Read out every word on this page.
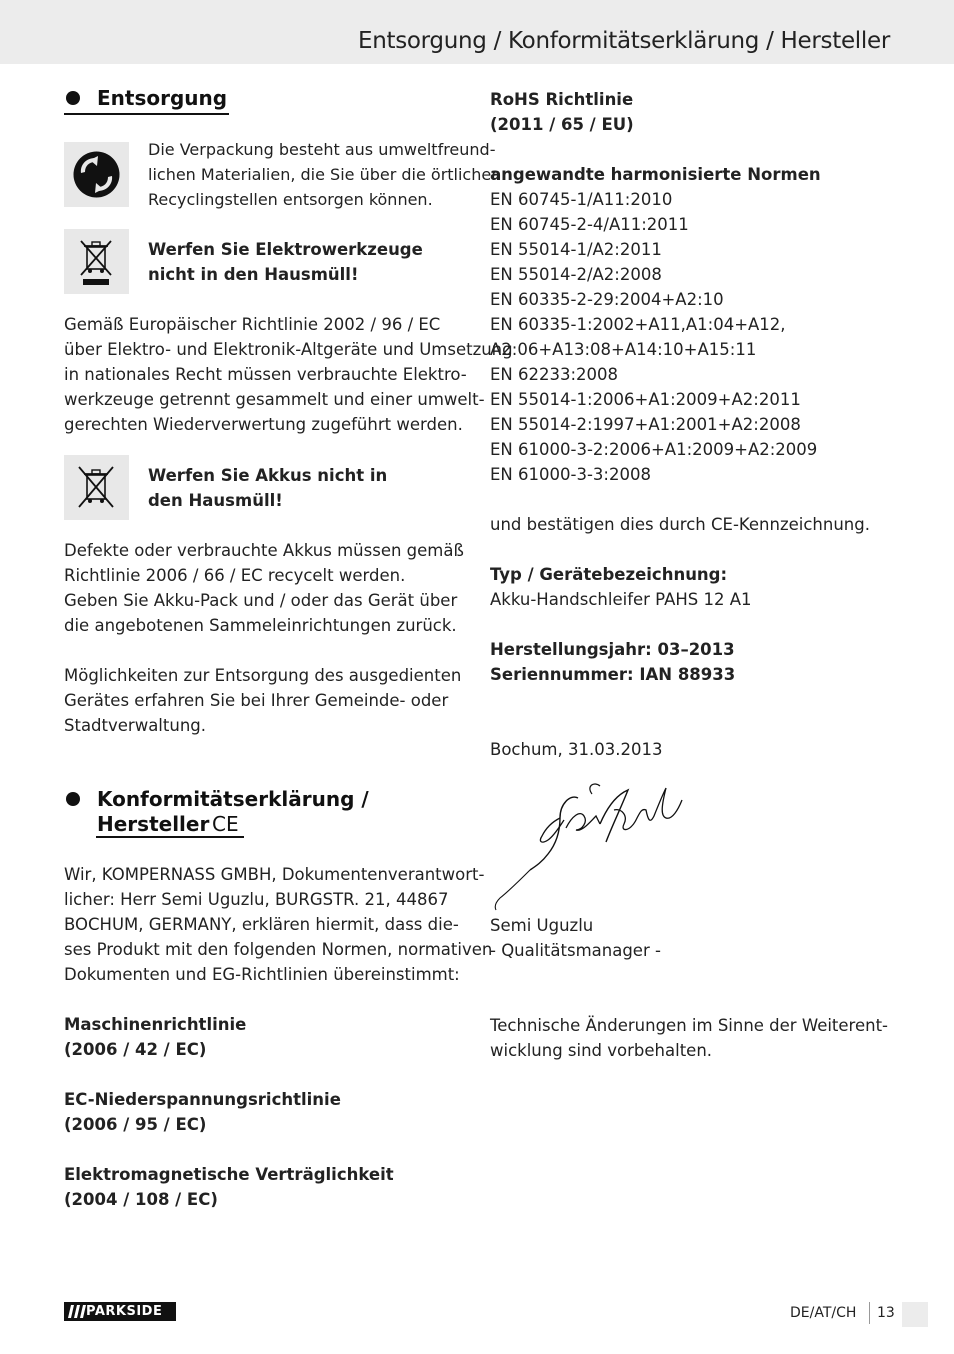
Entsorgung / Konformitätserklärung / Hersteller
Entsorgung
Die Verpackung besteht aus umweltfreund-
lichen Materialien, die Sie über die örtlichen
Recyclingstellen entsorgen können.
Werfen Sie Elektrowerkzeuge
nicht in den Hausmüll!
Gemäß Europäischer Richtlinie 2002 / 96 / EC
über Elektro- und Elektronik-Altgeräte und Umsetzung
in nationales Recht müssen verbrauchte Elektro-
werkzeuge getrennt gesammelt und einer umwelt-
gerechten Wiederverwertung zugeführt werden.
Werfen Sie Akkus nicht in
den Hausmüll!
Defekte oder verbrauchte Akkus müssen gemäß
Richtlinie 2006 / 66 / EC recycelt werden.
Geben Sie Akku-Pack und / oder das Gerät über
die angebotenen Sammeleinrichtungen zurück.
Möglichkeiten zur Entsorgung des ausgedienten
Gerätes erfahren Sie bei Ihrer Gemeinde- oder
Stadtverwaltung.
Konformitätserklärung /
Hersteller CE
Wir, KOMPERNASS GMBH, Dokumentenverantwort-
licher: Herr Semi Uguzlu, BURGSTR. 21, 44867
BOCHUM, GERMANY, erklären hiermit, dass die-
ses Produkt mit den folgenden Normen, normativen
Dokumenten und EG-Richtlinien übereinstimmt:
Maschinenrichtlinie
(2006 / 42 / EC)
EC-Niederspannungsrichtlinie
(2006 / 95 / EC)
Elektromagnetische Verträglichkeit
(2004 / 108 / EC)
RoHS Richtlinie
(2011 / 65 / EU)
angewandte harmonisierte Normen
EN 60745-1/A11:2010
EN 60745-2-4/A11:2011
EN 55014-1/A2:2011
EN 55014-2/A2:2008
EN 60335-2-29:2004+A2:10
EN 60335-1:2002+A11,A1:04+A12,
A2:06+A13:08+A14:10+A15:11
EN 62233:2008
EN 55014-1:2006+A1:2009+A2:2011
EN 55014-2:1997+A1:2001+A2:2008
EN 61000-3-2:2006+A1:2009+A2:2009
EN 61000-3-3:2008
und bestätigen dies durch CE-Kennzeichnung.
Typ / Gerätebezeichnung:
Akku-Handschleifer PAHS 12 A1
Herstellungsjahr: 03–2013
Seriennummer: IAN 88933
Bochum, 31.03.2013
Semi Uguzlu
- Qualitätsmanager -
Technische Änderungen im Sinne der Weiterent-
wicklung sind vorbehalten.
PARKSIDE	DE/AT/CH 13
